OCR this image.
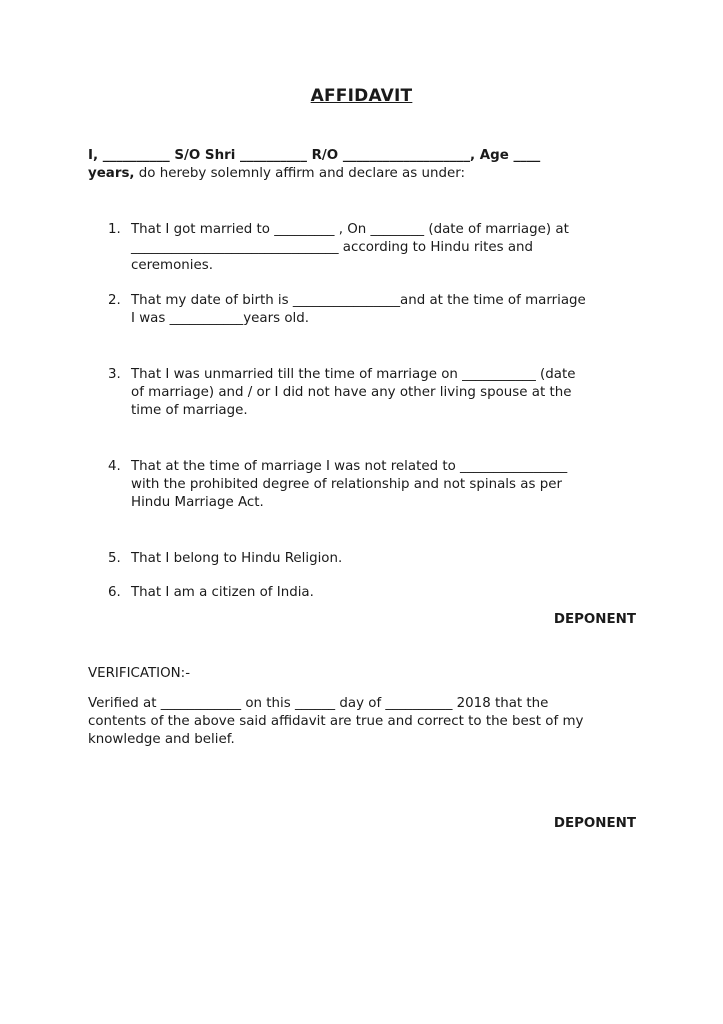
AFFIDAVIT
I, __________ S/O Shri __________ R/O ___________________, Age ____
years, do hereby solemnly affirm and declare as under:
1. That I got married to _________ , On ________ (date of marriage) at
_______________________________ according to Hindu rites and
ceremonies.
2. That my date of birth is ________________and at the time of marriage
I was ___________years old.
3. That I was unmarried till the time of marriage on ___________ (date
of marriage) and / or I did not have any other living spouse at the
time of marriage.
4. That at the time of marriage I was not related to ________________
with the prohibited degree of relationship and not spinals as per
Hindu Marriage Act.
5. That I belong to Hindu Religion.
6. That I am a citizen of India.
DEPONENT
VERIFICATION:-
Verified at ____________ on this ______ day of __________ 2018 that the
contents of the above said affidavit are true and correct to the best of my
knowledge and belief.
DEPONENT
